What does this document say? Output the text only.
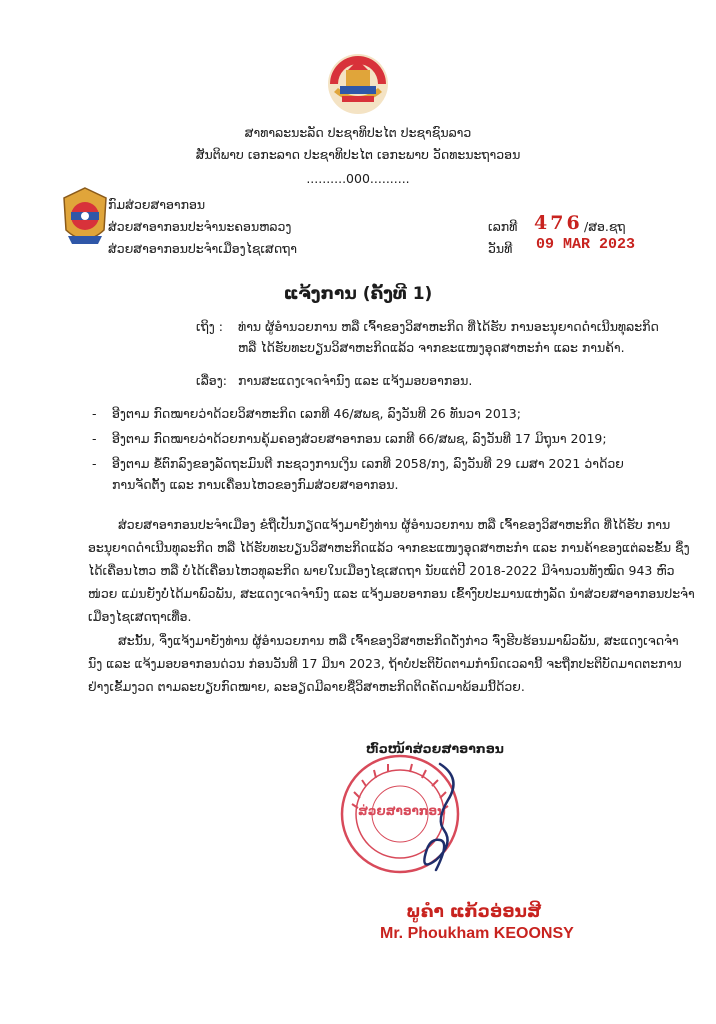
ສາທາລະນະລັດ ປະຊາທິປະໄຕ ປະຊາຊົນລາວ
ສັນຕິພາບ ເອກະລາດ ປະຊາທິປະໄຕ ເອກະພາບ ວັດທະນະຖາວອນ
..........000..........
ກົມສ່ວຍສາອາກອນ
ສ່ວຍສາອາກອນປະຈໍານະຄອນຫລວງ
ສ່ວຍສາອາກອນປະຈໍາເມືອງໄຊເສດຖາ
ເລກທີ 476 /ສອ.ຊຖ
ວັນທີ 09 MAR 2023
ແຈ້ງການ (ຄັ້ງທີ 1)
ເຖິງ : ທ່ານ ຜູ້ອໍານວຍການ ຫລື ເຈົ້າຂອງວິສາຫະກິດ ທີ່ໄດ້ຮັບ ການອະນຸຍາດດໍາເນີນທຸລະກິດ
ຫລື ໄດ້ຮັບທະບຽນວິສາຫະກິດແລ້ວ ຈາກຂະແໜງອຸດສາຫະກໍາ ແລະ ການຄ້າ.
ເລື່ອງ: ການສະແດງເຈດຈໍານົງ ແລະ ແຈ້ງມອບອາກອນ.
- ອີງຕາມ ກົດໝາຍວ່າດ້ວຍວິສາຫະກິດ ເລກທີ 46/ສພຊ, ລົງວັນທີ 26 ທັນວາ 2013;
- ອີງຕາມ ກົດໝາຍວ່າດ້ວຍການຄຸ້ມຄອງສ່ວຍສາອາກອນ ເລກທີ 66/ສພຊ, ລົງວັນທີ 17 ມິຖຸນາ 2019;
- ອີງຕາມ ຂໍ້ຕົກລົງຂອງລັດຖະມົນຕີ ກະຊວງການເງິນ ເລກທີ 2058/ກງ, ລົງວັນທີ 29 ເມສາ 2021 ວ່າດ້ວຍ
ການຈັດຕັ້ງ ແລະ ການເຄື່ອນໄຫວຂອງກົມສ່ວຍສາອາກອນ.
ສ່ວຍສາອາກອນປະຈໍາເມືອງ ຂໍຖືເປັນກຽດແຈ້ງມາຍັງທ່ານ ຜູ້ອໍານວຍການ ຫລື ເຈົ້າຂອງວິສາຫະກິດ ທີ່ໄດ້ຮັບ ການ
ອະນຸຍາດດໍາເນີນທຸລະກິດ ຫລື ໄດ້ຮັບທະບຽນວິສາຫະກິດແລ້ວ ຈາກຂະແໜງອຸດສາຫະກໍາ ແລະ ການຄ້າຂອງແຕ່ລະຂັ້ນ ຊຶ່ງ
ໄດ້ເຄື່ອນໄຫວ ຫລື ບໍ່ໄດ້ເຄື່ອນໄຫວທຸລະກິດ ພາຍໃນເມືອງໄຊເສດຖາ ນັບແຕ່ປີ 2018-2022 ມີຈໍານວນທັງໝົດ 943 ຫົວ
ໜ່ວຍ ແມ່ນຍັງບໍ່ໄດ້ມາພົວພັນ, ສະແດງເຈດຈໍານົງ ແລະ ແຈ້ງມອບອາກອນ ເຂົ້າງົບປະມານແຫ່ງລັດ ນໍາສ່ວຍສາອາກອນປະຈໍາ
ເມືອງໄຊເສດຖາເທື່ອ.
ສະນັ້ນ, ຈຶ່ງແຈ້ງມາຍັງທ່ານ ຜູ້ອໍານວຍການ ຫລື ເຈົ້າຂອງວິສາຫະກິດດັ່ງກ່າວ ຈົ່ງຮີບຮ້ອນມາພົວພັນ, ສະແດງເຈດຈໍາ
ນົງ ແລະ ແຈ້ງມອບອາກອນດ່ວນ ກ່ອນວັນທີ 17 ມີນາ 2023, ຖ້າບໍ່ປະຕິບັດຕາມກໍານົດເວລານີ້ ຈະຖືກປະຕິບັດມາດຕະການ
ຢ່າງເຂັ້ມງວດ ຕາມລະບຽບກົດໝາຍ, ລະອຽດມີລາຍຊື່ວິສາຫະກິດຕິດຄັດມາພ້ອມນີ້ດ້ວຍ.
ຫົວໜ້າສ່ວຍສາອາກອນ
ສ່ວຍສາອາກອນ
ພູຄໍາ ແກ້ວອ່ອນສີ
Mr. Phoukham KEOONSY
